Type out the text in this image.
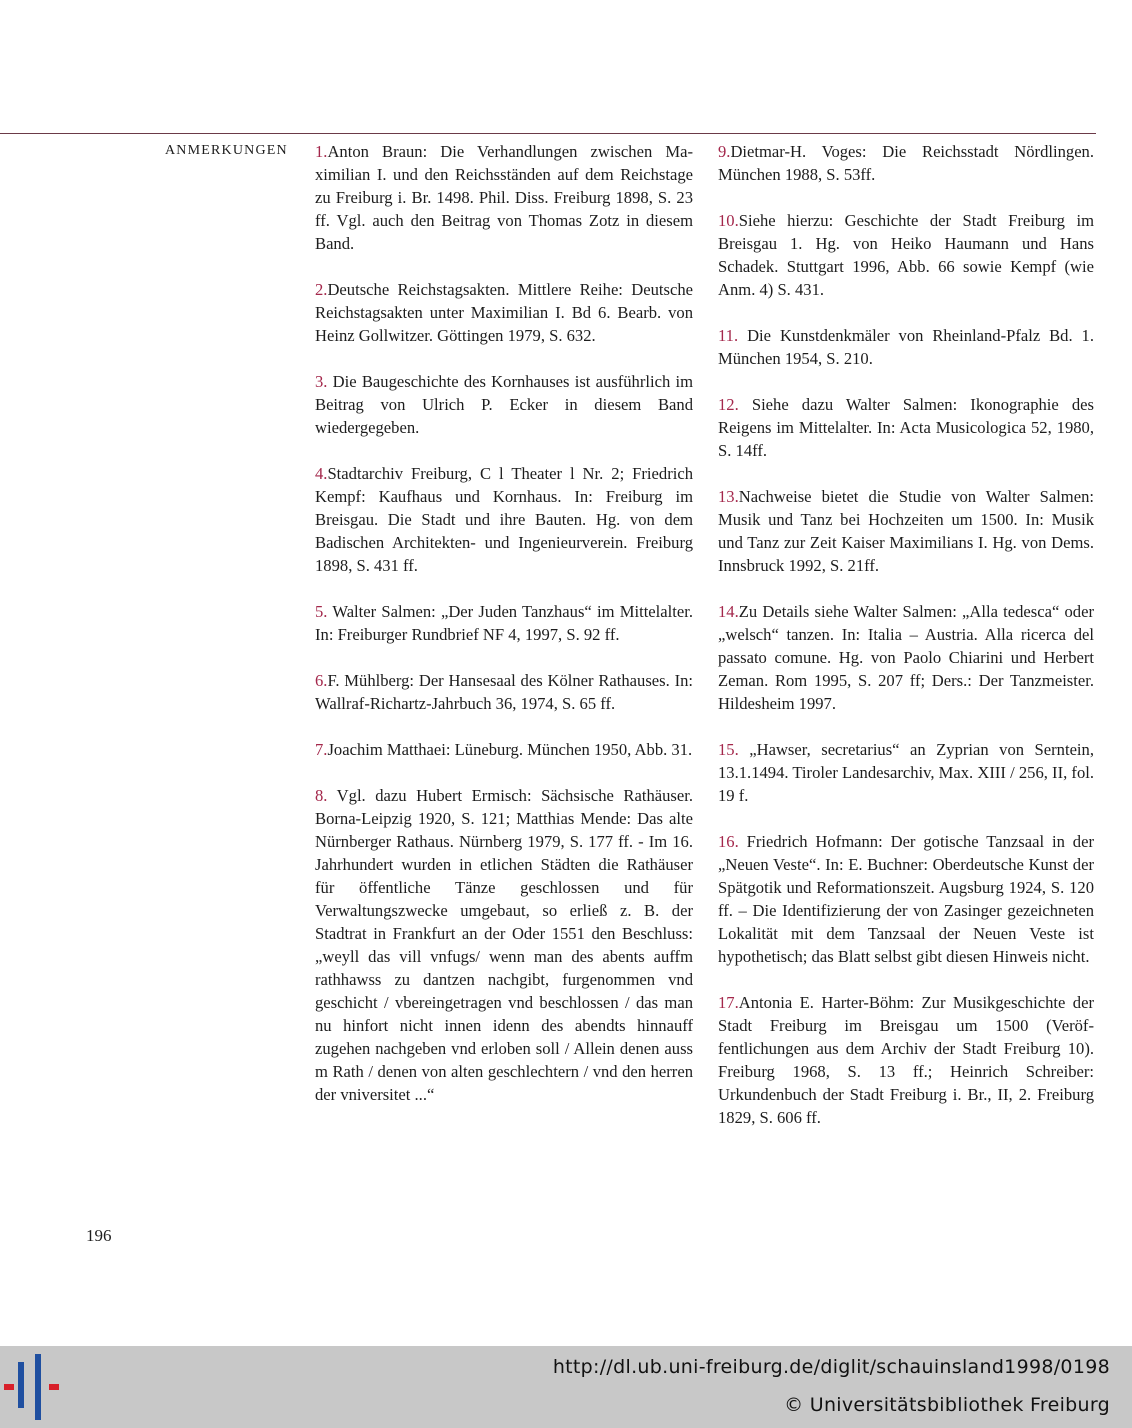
ANMERKUNGEN 1.Anton Braun: Die Verhandlungen zwischen Maximilian I. und den Reichsständen auf dem Reichstage zu Freiburg i. Br. 1498. Phil. Diss. Freiburg 1898, S. 23 ff. Vgl. auch den Beitrag von Thomas Zotz in diesem Band.

2.Deutsche Reichstagsakten. Mittlere Reihe: Deutsche Reichstagsakten unter Maximilian I. Bd 6. Bearb. von Heinz Gollwitzer. Göttingen 1979, S. 632.

3. Die Baugeschichte des Kornhauses ist ausführlich im Beitrag von Ulrich P. Ecker in diesem Band wiedergegeben.

4.Stadtarchiv Freiburg, C l Theater l Nr. 2; Friedrich Kempf: Kaufhaus und Kornhaus. In: Freiburg im Breisgau. Die Stadt und ihre Bauten. Hg. von dem Badischen Architekten- und Ingenieurverein. Freiburg 1898, S. 431 ff.

5. Walter Salmen: „Der Juden Tanzhaus“ im Mittelalter. In: Freiburger Rundbrief NF 4, 1997, S. 92 ff.

6.F. Mühlberg: Der Hansesaal des Kölner Rathauses. In: Wallraf-Richartz-Jahrbuch 36, 1974, S. 65 ff.

7.Joachim Matthaei: Lüneburg. München 1950, Abb. 31.

8. Vgl. dazu Hubert Ermisch: Sächsische Rathäuser. Borna-Leipzig 1920, S. 121; Matthias Mende: Das alte Nürnberger Rathaus. Nürnberg 1979, S. 177 ff. - Im 16. Jahrhundert wurden in etlichen Städten die Rathäuser für öffentliche Tänze geschlossen und für Verwaltungszwecke umgebaut, so erließ z. B. der Stadtrat in Frankfurt an der Oder 1551 den Beschluss: „weyll das vill vnfugs/ wenn man des abents auffm rathhawss zu dantzen nachgibt, furgenommen vnd geschicht / vbereingetragen vnd beschlossen / das man nu hinfort nicht innen idenn des abendts hinnauff zugehen nachgeben vnd erloben soll / Allein denen auss m Rath / denen von alten geschlechtern / vnd den herren der vniversitet ...“

9.Dietmar-H. Voges: Die Reichsstadt Nördlingen. München 1988, S. 53ff.

10.Siehe hierzu: Geschichte der Stadt Freiburg im Breisgau 1. Hg. von Heiko Haumann und Hans Schadek. Stuttgart 1996, Abb. 66 sowie Kempf (wie Anm. 4) S. 431.

11. Die Kunstdenkmäler von Rheinland-Pfalz Bd. 1. München 1954, S. 210.

12. Siehe dazu Walter Salmen: Ikonographie des Reigens im Mittelalter. In: Acta Musicologica 52, 1980, S. 14ff.

13.Nachweise bietet die Studie von Walter Salmen: Musik und Tanz bei Hochzeiten um 1500. In: Musik und Tanz zur Zeit Kaiser Maximilians I. Hg. von Dems. Innsbruck 1992, S. 21ff.

14.Zu Details siehe Walter Salmen: „Alla tedesca“ oder „welsch“ tanzen. In: Italia – Austria. Alla ricerca del passato comune. Hg. von Paolo Chiarini und Herbert Zeman. Rom 1995, S. 207 ff; Ders.: Der Tanzmeister. Hildesheim 1997.

15. „Hawser, secretarius“ an Zyprian von Serntein, 13.1.1494. Tiroler Landesarchiv, Max. XIII / 256, II, fol. 19 f.

16. Friedrich Hofmann: Der gotische Tanzsaal in der „Neuen Veste“. In: E. Buchner: Oberdeutsche Kunst der Spätgotik und Reformationszeit. Augsburg 1924, S. 120 ff. – Die Identifizierung der von Zasinger gezeichneten Lokalität mit dem Tanzsaal der Neuen Veste ist hypothetisch; das Blatt selbst gibt diesen Hinweis nicht.

17.Antonia E. Harter-Böhm: Zur Musikgeschichte der Stadt Freiburg im Breisgau um 1500 (Veröffentlichungen aus dem Archiv der Stadt Freiburg 10). Freiburg 1968, S. 13 ff.; Heinrich Schreiber: Urkundenbuch der Stadt Freiburg i. Br., II, 2. Freiburg 1829, S. 606 ff.

196
http://dl.ub.uni-freiburg.de/diglit/schauinsland1998/0198
© Universitätsbibliothek Freiburg
